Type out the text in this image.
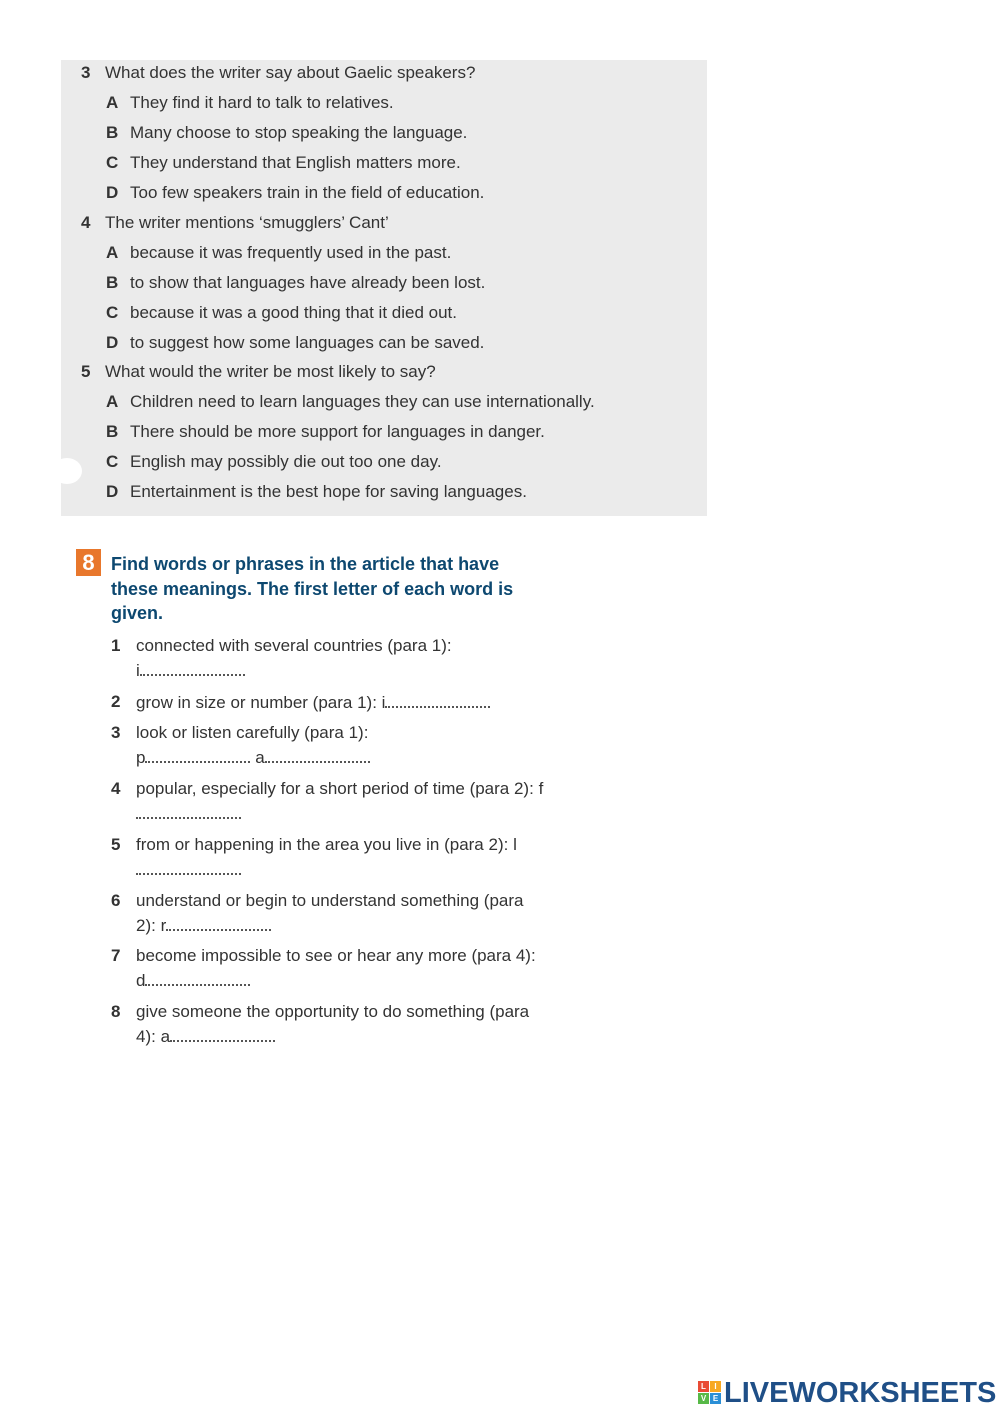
3 What does the writer say about Gaelic speakers?
A They find it hard to talk to relatives.
B Many choose to stop speaking the language.
C They understand that English matters more.
D Too few speakers train in the field of education.
4 The writer mentions ‘smugglers’ Cant’
A because it was frequently used in the past.
B to show that languages have already been lost.
C because it was a good thing that it died out.
D to suggest how some languages can be saved.
5 What would the writer be most likely to say?
A Children need to learn languages they can use internationally.
B There should be more support for languages in danger.
C English may possibly die out too one day.
D Entertainment is the best hope for saving languages.
8 Find words or phrases in the article that have these meanings. The first letter of each word is given.
1 connected with several countries (para 1):
i
2 grow in size or number (para 1): i
3 look or listen carefully (para 1):
p	a
4 popular, especially for a short period of time (para 2): f
5 from or happening in the area you live in (para 2): l
6 understand or begin to understand something (para 2): r
7 become impossible to see or hear any more (para 4): d
8 give someone the opportunity to do something (para 4): a
L	I
V E LIVEWORKSHEETS
